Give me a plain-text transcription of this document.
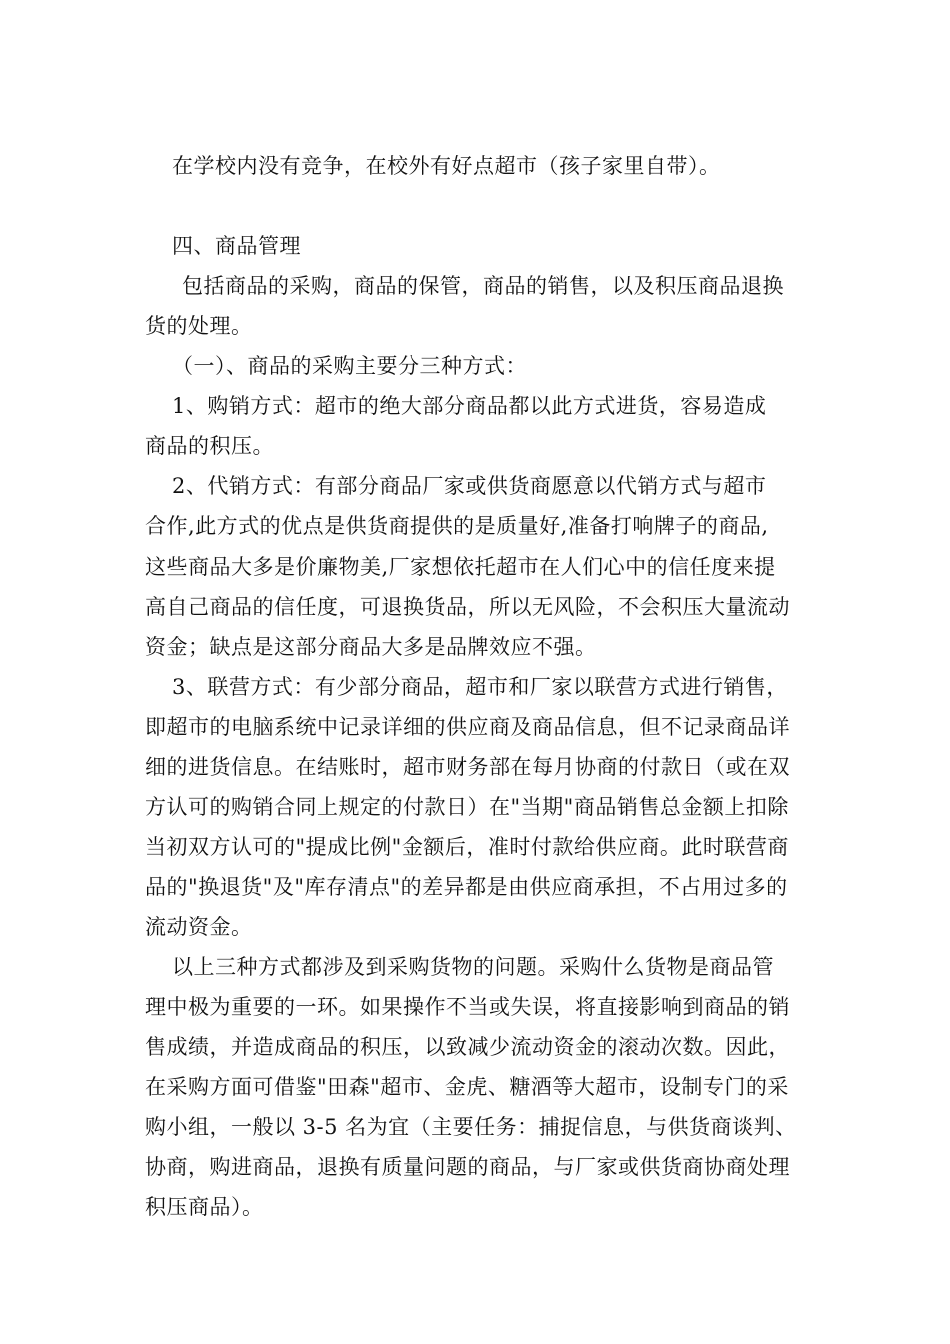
在学校内没有竞争，在校外有好点超市（孩子家里自带）。
四、商品管理
包括商品的采购，商品的保管，商品的销售，以及积压商品退换
货的处理。
（一）、商品的采购主要分三种方式：
1、购销方式：超市的绝大部分商品都以此方式进货，容易造成
商品的积压。
2、代销方式：有部分商品厂家或供货商愿意以代销方式与超市
合作,此方式的优点是供货商提供的是质量好,准备打响牌子的商品,
这些商品大多是价廉物美,厂家想依托超市在人们心中的信任度来提
高自己商品的信任度，可退换货品，所以无风险，不会积压大量流动
资金；缺点是这部分商品大多是品牌效应不强。
3、联营方式：有少部分商品，超市和厂家以联营方式进行销售，
即超市的电脑系统中记录详细的供应商及商品信息，但不记录商品详
细的进货信息。在结账时，超市财务部在每月协商的付款日（或在双
方认可的购销合同上规定的付款日）在"当期"商品销售总金额上扣除
当初双方认可的"提成比例"金额后，准时付款给供应商。此时联营商
品的"换退货"及"库存清点"的差异都是由供应商承担，不占用过多的
流动资金。
以上三种方式都涉及到采购货物的问题。采购什么货物是商品管
理中极为重要的一环。如果操作不当或失误，将直接影响到商品的销
售成绩，并造成商品的积压，以致减少流动资金的滚动次数。因此，
在采购方面可借鉴"田森"超市、金虎、糖酒等大超市，设制专门的采
购小组，一般以 3-5 名为宜（主要任务：捕捉信息，与供货商谈判、
协商，购进商品，退换有质量问题的商品，与厂家或供货商协商处理
积压商品）。
